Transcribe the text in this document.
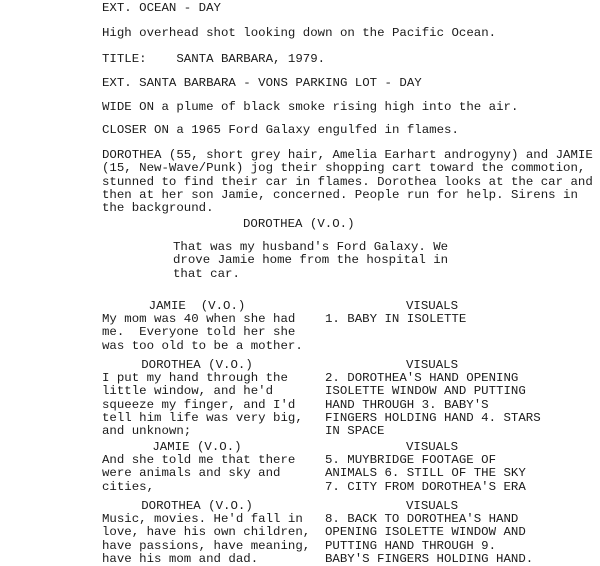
EXT. OCEAN - DAY
High overhead shot looking down on the Pacific Ocean.
TITLE:    SANTA BARBARA, 1979.
EXT. SANTA BARBARA - VONS PARKING LOT - DAY
WIDE ON a plume of black smoke rising high into the air.
CLOSER ON a 1965 Ford Galaxy engulfed in flames.
DOROTHEA (55, short grey hair, Amelia Earhart androgyny) and JAMIE
(15, New-Wave/Punk) jog their shopping cart toward the commotion,
stunned to find their car in flames. Dorothea looks at the car and
then at her son Jamie, concerned. People run for help. Sirens in
the background.
DOROTHEA (V.O.)
That was my husband's Ford Galaxy. We
drove Jamie home from the hospital in
that car.
JAMIE  (V.O.)
My mom was 40 when she had
me.  Everyone told her she
was too old to be a mother.
VISUALS
1. BABY IN ISOLETTE
DOROTHEA (V.O.)
I put my hand through the
little window, and he'd
squeeze my finger, and I'd
tell him life was very big,
and unknown;
VISUALS
2. DOROTHEA'S HAND OPENING
ISOLETTE WINDOW AND PUTTING
HAND THROUGH 3. BABY'S
FINGERS HOLDING HAND 4. STARS
IN SPACE
JAMIE (V.O.)
And she told me that there
were animals and sky and
cities,
VISUALS
5. MUYBRIDGE FOOTAGE OF
ANIMALS 6. STILL OF THE SKY
7. CITY FROM DOROTHEA'S ERA
DOROTHEA (V.O.)
Music, movies. He'd fall in
love, have his own children,
have passions, have meaning,
have his mom and dad.
VISUALS
8. BACK TO DOROTHEA'S HAND
OPENING ISOLETTE WINDOW AND
PUTTING HAND THROUGH 9.
BABY'S FINGERS HOLDING HAND.
